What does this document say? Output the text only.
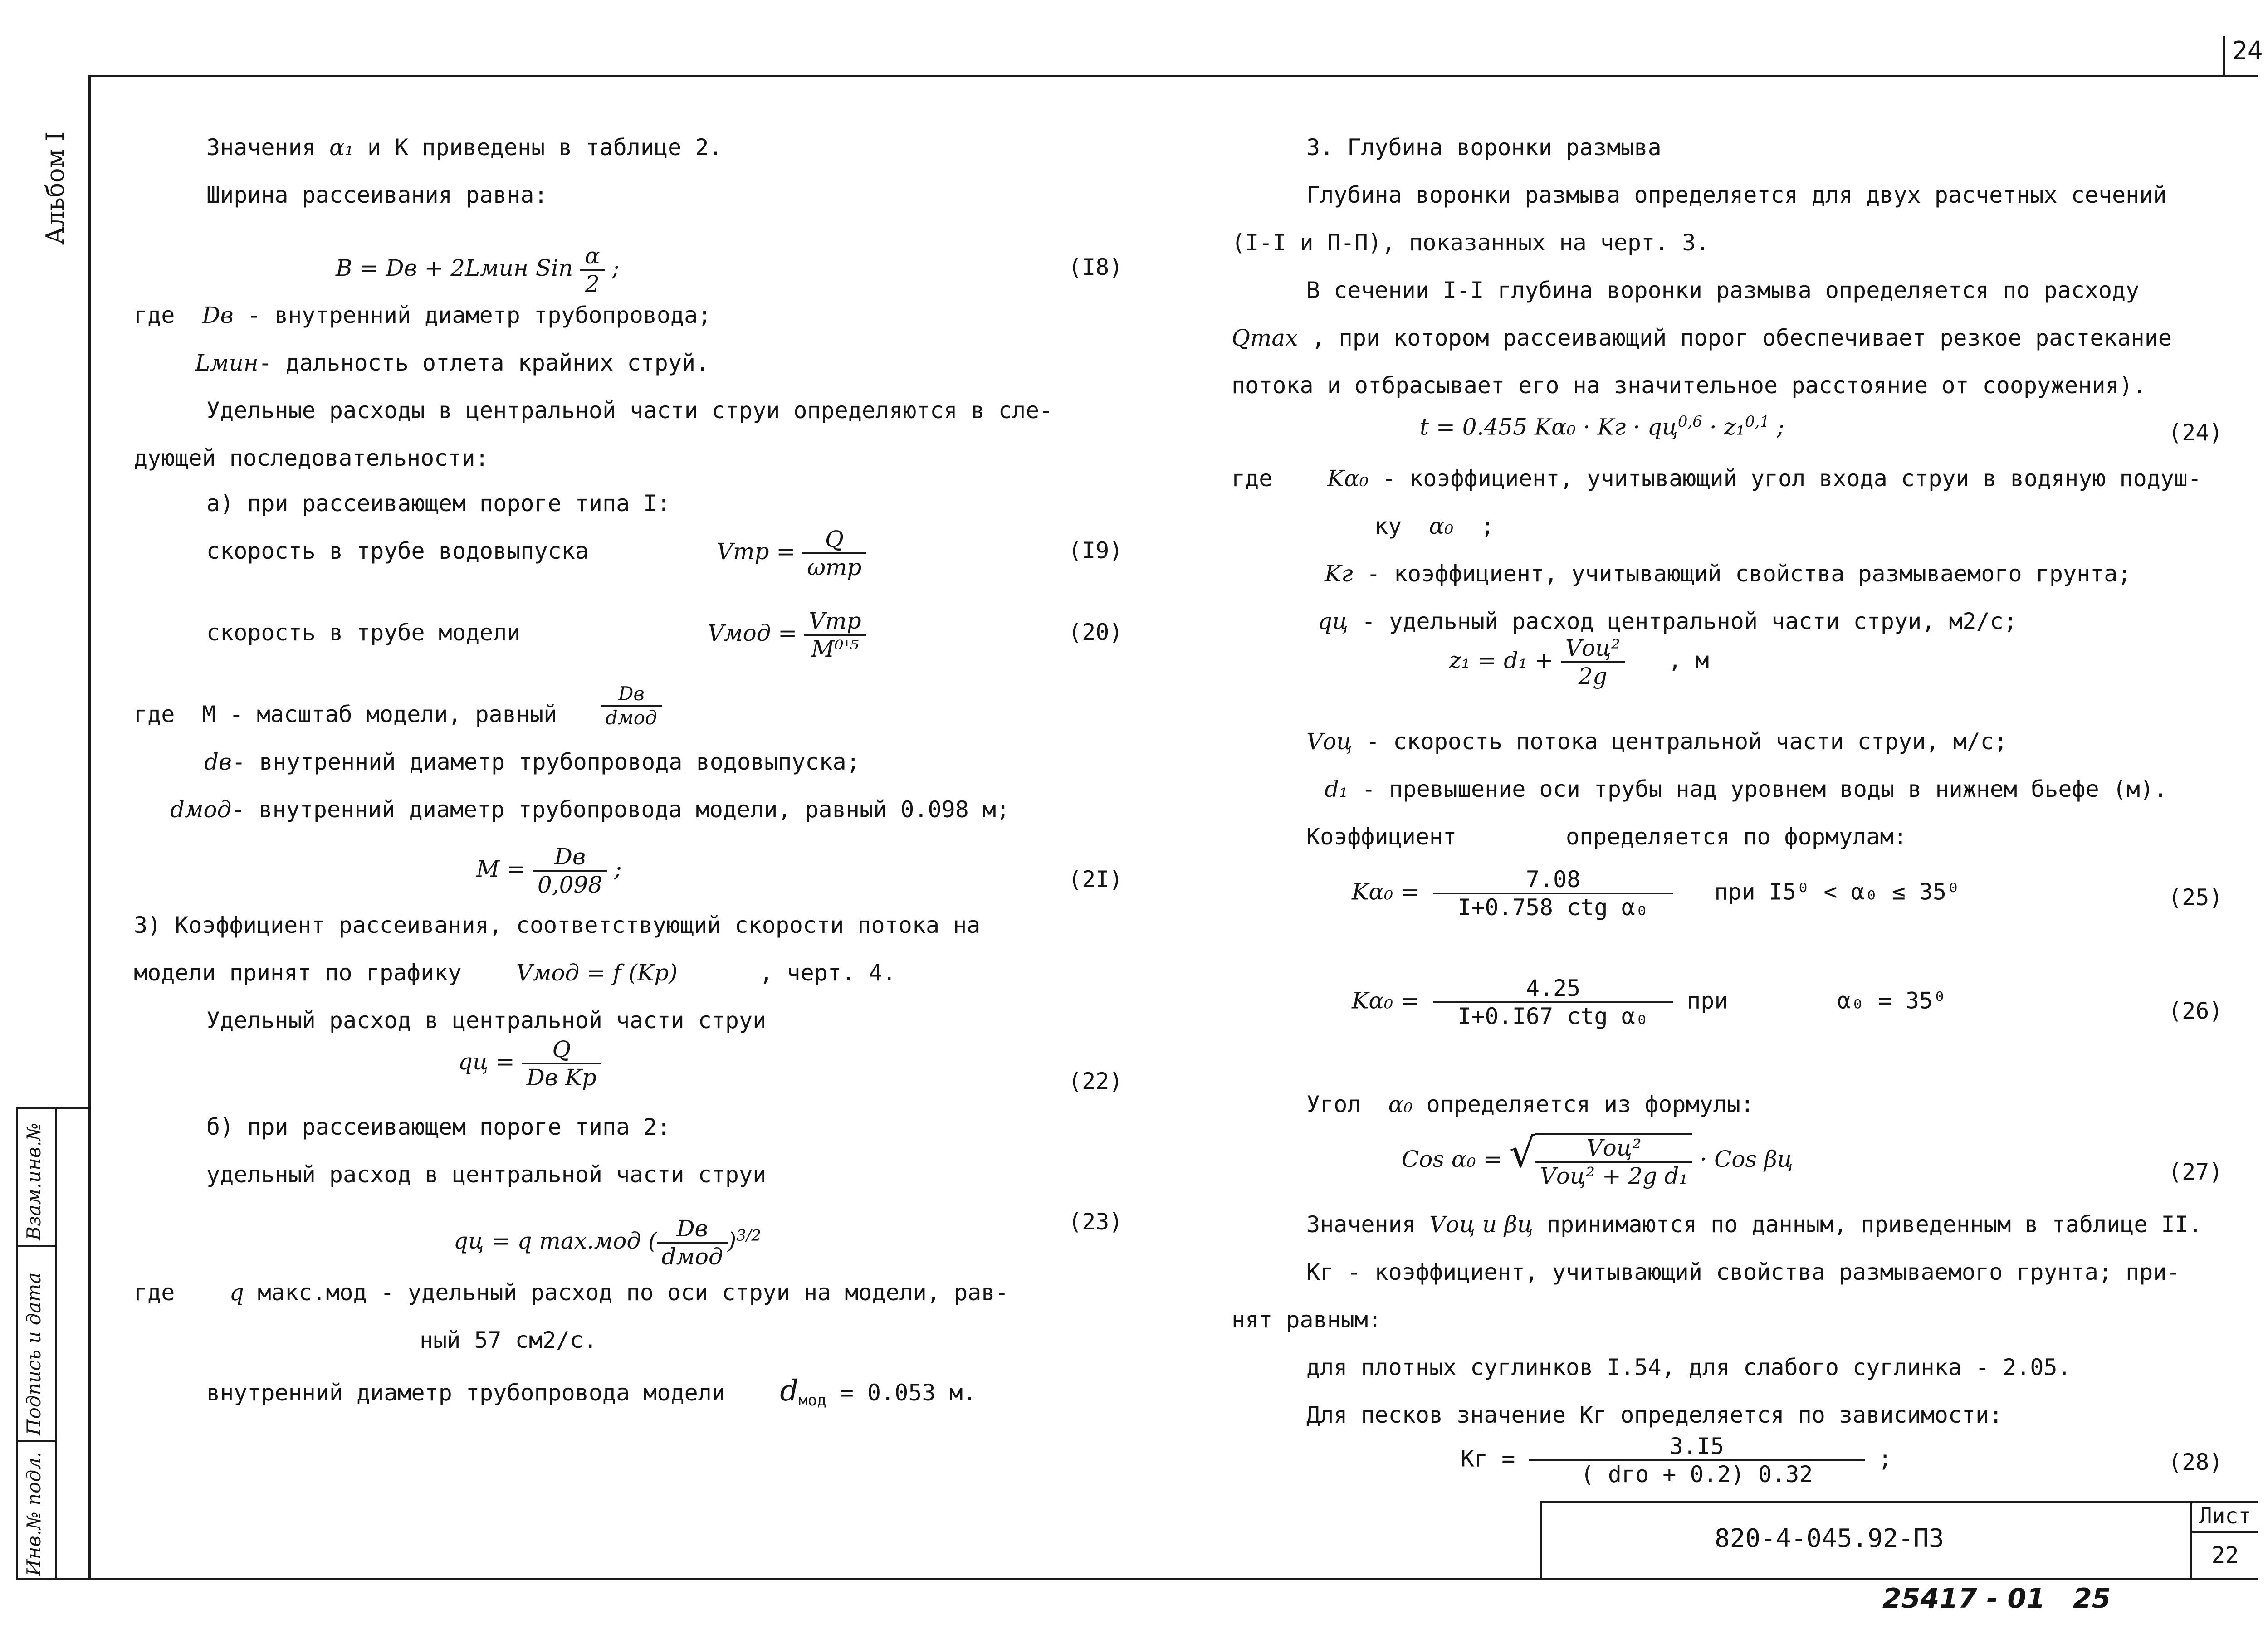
24
Альбом I
Взам.инв.№
Подпись и дата
Инв.№ подл.
Значения α₁ и К приведены в таблице 2.
Ширина рассеивания равна:
B = Dв + 2Lмин Sin $\frac{\alpha}{2}$ ;	(I8)
где Dв - внутренний диаметр трубопровода;
Lмин- дальность отлета крайних струй.
Удельные расходы в центральной части струи определяются в сле-
дующей последовательности:
а) при рассеивающем пороге типа I:
скорость в трубе водовыпуска	Vтр = $\frac{Q}{\text{ωтр}}$	(I9)
скорость в трубе модели	Vмод = $\frac{\text{Vтр}}{\text{M⁰'⁵}}$	(20)
где М - масштаб модели, равный $\frac{Dв}{\text{dмод}}$
dв- внутренний диаметр трубопровода водовыпуска;
dмод- внутренний диаметр трубопровода модели, равный 0.098 м;
$M = \frac{Dв}{0,098}$ ;	(2I)
3) Коэффициент рассеивания, соответствующий скорости потока на
модели принят по графику Vмод = f (Kр)	, черт. 4.
Удельный расход в центральной части струи
qц = $\frac{Q}{\text{Dв Kр}}$	(22)
б) при рассеивающем пороге типа 2:
удельный расход в центральной части струи
qц = q max.мод ( $\frac{Dв}{\text{dмод}} )^{3/2}$
(23)
где q макс.мод - удельный расход по оси струи на модели, рав-
ный 57 см2/с.
внутренний диаметр трубопровода модели $d_{мод} = 0.053$ м.
3. Глубина воронки размыва
Глубина воронки размыва определяется для двух расчетных сечений
(I-I и П-П), показанных на черт. 3.
В сечении I-I глубина воронки размыва определяется по расходу
Qmax , при котором рассеивающий порог обеспечивает резкое растекание
потока и отбрасывает его на значительное расстояние от сооружения).
t = 0.455 Kα₀ · Kг · qц$^{0,6}$ · z₁$^{0,1}$ ;	(24)
где Kα₀ - коэффициент, учитывающий угол входа струи в водяную подуш-
ку α₀ ;
Kг - коэффициент, учитывающий свойства размываемого грунта;
qц - удельный расход центральной части струи, м2/с;
$z_1 = d_1 + \frac{\text{Vоц²}}{2g}$ , м
Vоц - скорость потока центральной части струи, м/с;
d₁ - превышение оси трубы над уровнем воды в нижнем бьефе (м).
Коэффициент	определяется по формулам:
$K\alpha_0 = \frac{7.08}{\text{I+0.758 ctg α₀}}$ при I5⁰ < α₀ ≤ 35⁰	(25)
$K\alpha_0 = \frac{4.25}{\text{I+0.I67 ctg α₀}}$ при	α₀ = 35⁰	(26)
Угол α₀ определяется из формулы:
Cos α₀ = √ $\frac{\text{Vоц²}}{\text{Vоц² + 2g d₁}}$ · Cos βц	(27)
Значения Vоц и βц принимаются по данным, приведенным в таблице II.
Кг - коэффициент, учитывающий свойства размываемого грунта; при-
нят равным:
для плотных суглинков I.54, для слабого суглинка - 2.05.
Для песков значение Кг определяется по зависимости:
Кг = $\frac{3.I5}{\text{( dгo + 0.2) 0.32}}$ ;	(28)
820-4-045.92-ПЗ
Лист
22
25417 - 01 25
